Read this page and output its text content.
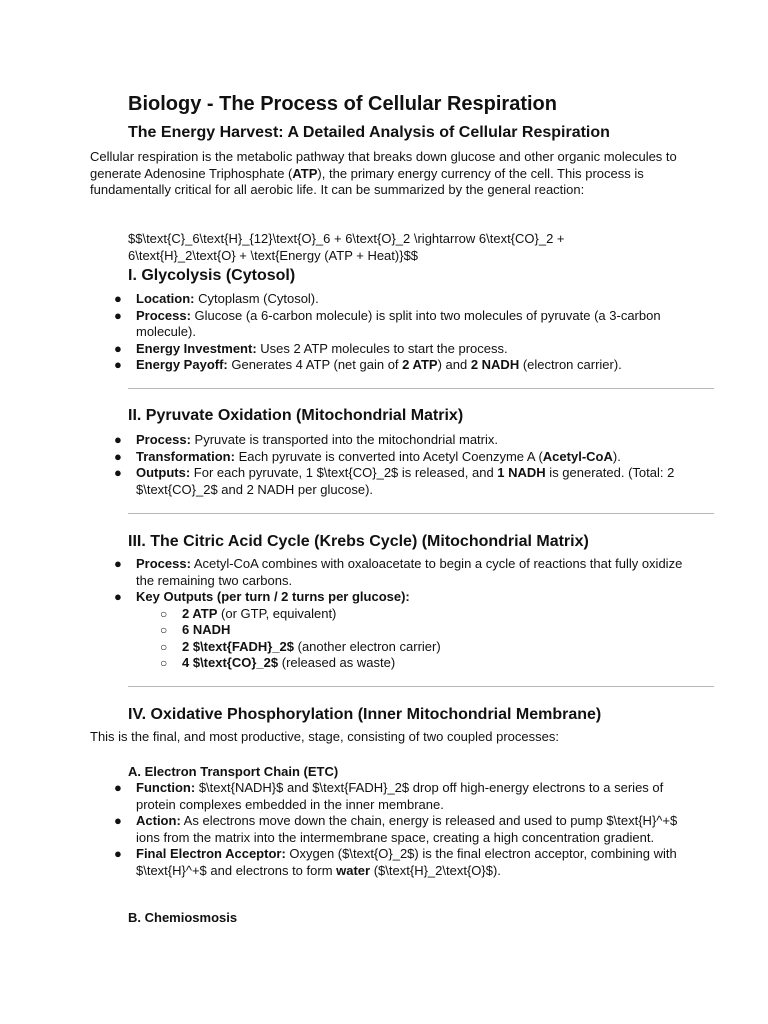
Biology - The Process of Cellular Respiration
The Energy Harvest: A Detailed Analysis of Cellular Respiration
Cellular respiration is the metabolic pathway that breaks down glucose and other organic molecules to generate Adenosine Triphosphate (ATP), the primary energy currency of the cell. This process is fundamentally critical for all aerobic life. It can be summarized by the general reaction:
$$\text{C}_6\text{H}_{12}\text{O}_6 + 6\text{O}_2 \rightarrow 6\text{CO}_2 + 6\text{H}_2\text{O} + \text{Energy (ATP + Heat)}$$
I. Glycolysis (Cytosol)
● Location: Cytoplasm (Cytosol).
● Process: Glucose (a 6-carbon molecule) is split into two molecules of pyruvate (a 3-carbon molecule).
● Energy Investment: Uses 2 ATP molecules to start the process.
● Energy Payoff: Generates 4 ATP (net gain of 2 ATP) and 2 NADH (electron carrier).
II. Pyruvate Oxidation (Mitochondrial Matrix)
● Process: Pyruvate is transported into the mitochondrial matrix.
● Transformation: Each pyruvate is converted into Acetyl Coenzyme A (Acetyl-CoA).
● Outputs: For each pyruvate, 1 $\text{CO}_2$ is released, and 1 NADH is generated. (Total: 2 $\text{CO}_2$ and 2 NADH per glucose).
III. The Citric Acid Cycle (Krebs Cycle) (Mitochondrial Matrix)
● Process: Acetyl-CoA combines with oxaloacetate to begin a cycle of reactions that fully oxidize the remaining two carbons.
● Key Outputs (per turn / 2 turns per glucose):
○ 2 ATP (or GTP, equivalent)
○ 6 NADH
○ 2 $\text{FADH}_2$ (another electron carrier)
○ 4 $\text{CO}_2$ (released as waste)
IV. Oxidative Phosphorylation (Inner Mitochondrial Membrane)
This is the final, and most productive, stage, consisting of two coupled processes:
A. Electron Transport Chain (ETC)
● Function: $\text{NADH}$ and $\text{FADH}_2$ drop off high-energy electrons to a series of protein complexes embedded in the inner membrane.
● Action: As electrons move down the chain, energy is released and used to pump $\text{H}^+$ ions from the matrix into the intermembrane space, creating a high concentration gradient.
● Final Electron Acceptor: Oxygen ($\text{O}_2$) is the final electron acceptor, combining with $\text{H}^+$ and electrons to form water ($\text{H}_2\text{O}$).
B. Chemiosmosis
